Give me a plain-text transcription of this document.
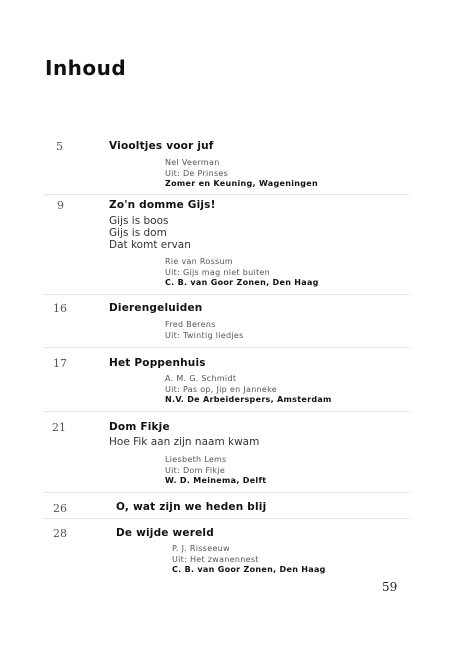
Inhoud
5	Viooltjes voor juf
Nel Veerman
Uit: De Prinses
Zomer en Keuning, Wageningen
9	Zo'n domme Gijs!
Gijs is boos
Gijs is dom
Dat komt ervan
Rie van Rossum
Uit: Gijs mag niet buiten
C. B. van Goor Zonen, Den Haag
16	Dierengeluiden
Fred Berens
Uit: Twintig liedjes
17	Het Poppenhuis
A. M. G. Schmidt
Uit: Pas op, Jip en Janneke
N.V. De Arbeiderspers, Amsterdam
21	Dom Fikje
Hoe Fik aan zijn naam kwam
Liesbeth Lems
Uit: Dom Fikje
W. D. Meinema, Delft
26	O, wat zijn we heden blij
28	De wijde wereld
P. J. Risseeuw
Uit: Het zwanennest
C. B. van Goor Zonen, Den Haag
59
